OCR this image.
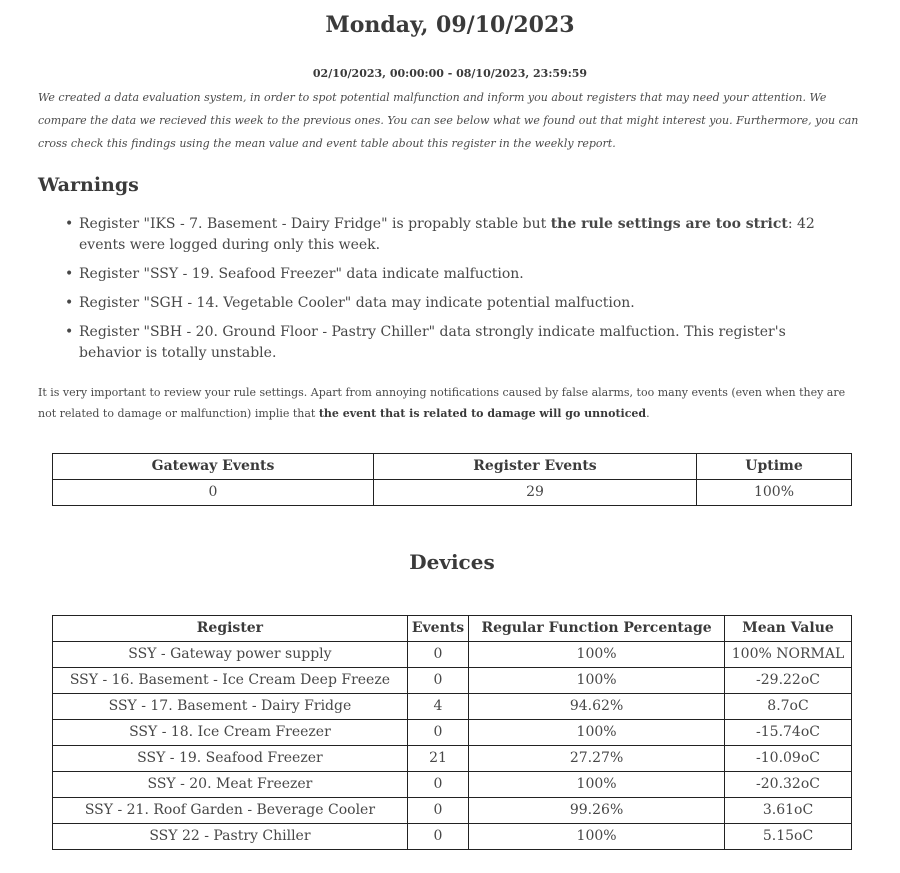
Monday, 09/10/2023
02/10/2023, 00:00:00 - 08/10/2023, 23:59:59

We created a data evaluation system, in order to spot potential malfunction and inform you about registers that may need your attention. We compare the data we recieved this week to the previous ones. You can see below what we found out that might interest you. Furthermore, you can cross check this findings using the mean value and event table about this register in the weekly report.

Warnings
• Register "IKS - 7. Basement - Dairy Fridge" is propably stable but the rule settings are too strict: 42 events were logged during only this week.
• Register "SSY - 19. Seafood Freezer" data indicate malfuction.
• Register "SGH - 14. Vegetable Cooler" data may indicate potential malfuction.
• Register "SBH - 20. Ground Floor - Pastry Chiller" data strongly indicate malfuction. This register's behavior is totally unstable.

It is very important to review your rule settings. Apart from annoying notifications caused by false alarms, too many events (even when they are not related to damage or malfunction) implie that the event that is related to damage will go unnoticed.

Gateway Events	Register Events	Uptime
0	29	100%
Devices
Register	Events	Regular Function Percentage	Mean Value
SSY - Gateway power supply	0	100%	100% NORMAL
SSY - 16. Basement - Ice Cream Deep Freeze	0	100%	-29.22oC
SSY - 17. Basement - Dairy Fridge	4	94.62%	8.7oC
SSY - 18. Ice Cream Freezer	0	100%	-15.74oC
SSY - 19. Seafood Freezer	21	27.27%	-10.09oC
SSY - 20. Meat Freezer	0	100%	-20.32oC
SSY - 21. Roof Garden - Beverage Cooler	0	99.26%	3.61oC
SSY 22 - Pastry Chiller	0	100%	5.15oC
